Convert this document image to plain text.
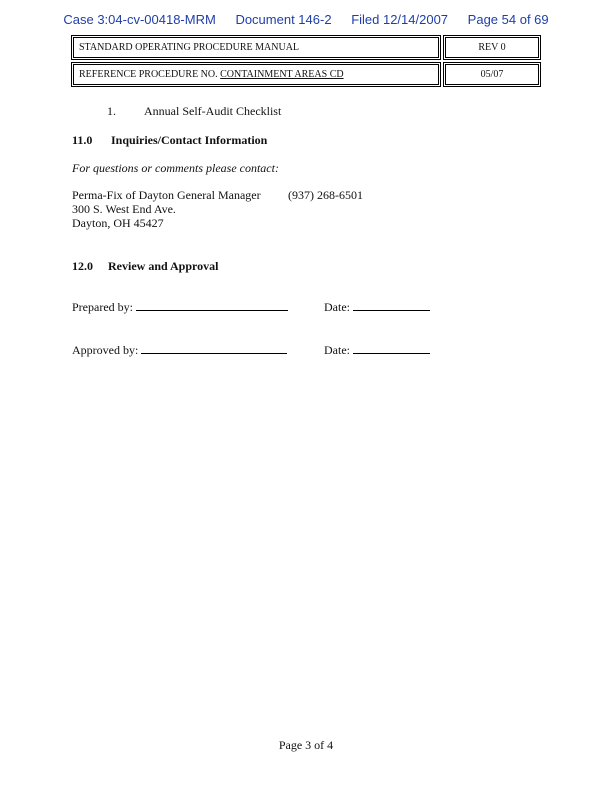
Case 3:04-cv-00418-MRM Document 146-2 Filed 12/14/2007 Page 54 of 69
STANDARD OPERATING PROCEDURE MANUAL	REV 0
REFERENCE PROCEDURE NO. CONTAINMENT AREAS CD	05/07
1. Annual Self-Audit Checklist
11.0 Inquiries/Contact Information
For questions or comments please contact:
Perma-Fix of Dayton General Manager (937) 268-6501
300 S. West End Ave.
Dayton, OH 45427
12.0 Review and Approval
Prepared by:	Date:
Approved by:	Date:
Page 3 of 4
